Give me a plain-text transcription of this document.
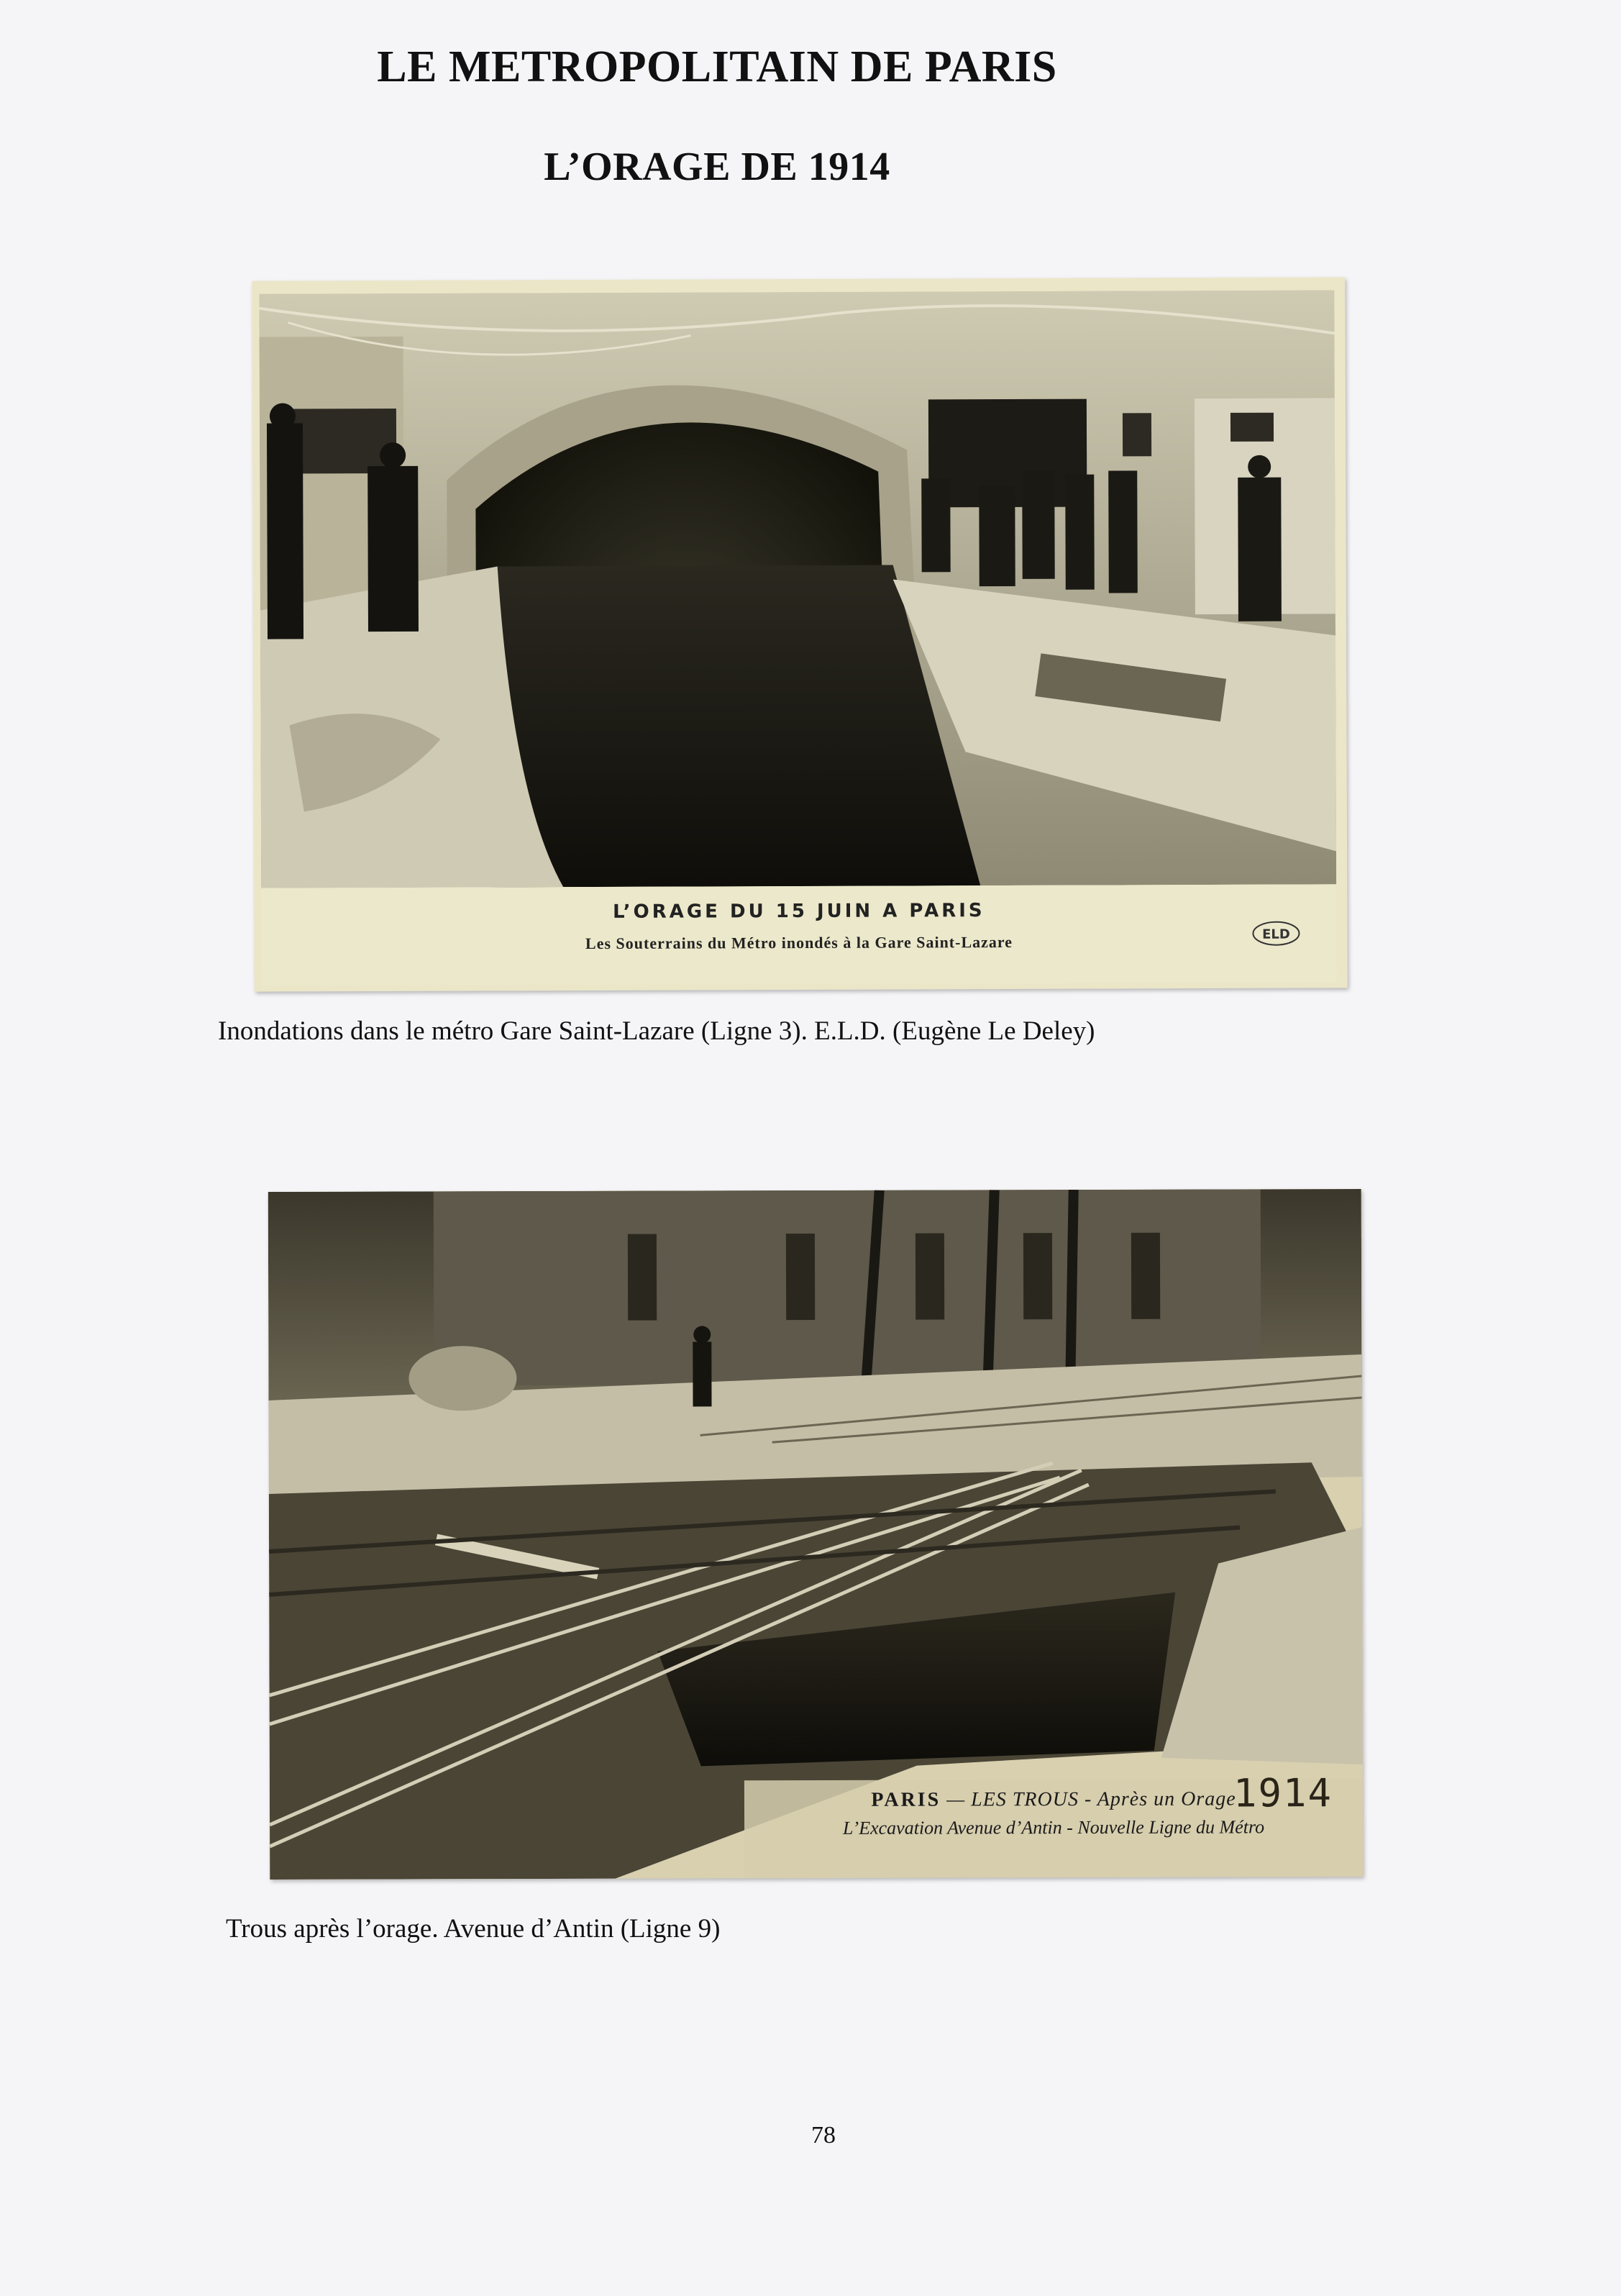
LE METROPOLITAIN DE PARIS
L’ORAGE DE 1914
L’ORAGE DU 15 JUIN A PARIS
Les Souterrains du Métro inondés à la Gare Saint-Lazare	ELD
Inondations dans le métro Gare Saint-Lazare (Ligne 3). E.L.D. (Eugène Le Deley)
PARIS — LES TROUS - Après un Orage
L’Excavation Avenue d’Antin - Nouvelle Ligne du Métro
1914
Trous après l’orage. Avenue d’Antin (Ligne 9)
78
